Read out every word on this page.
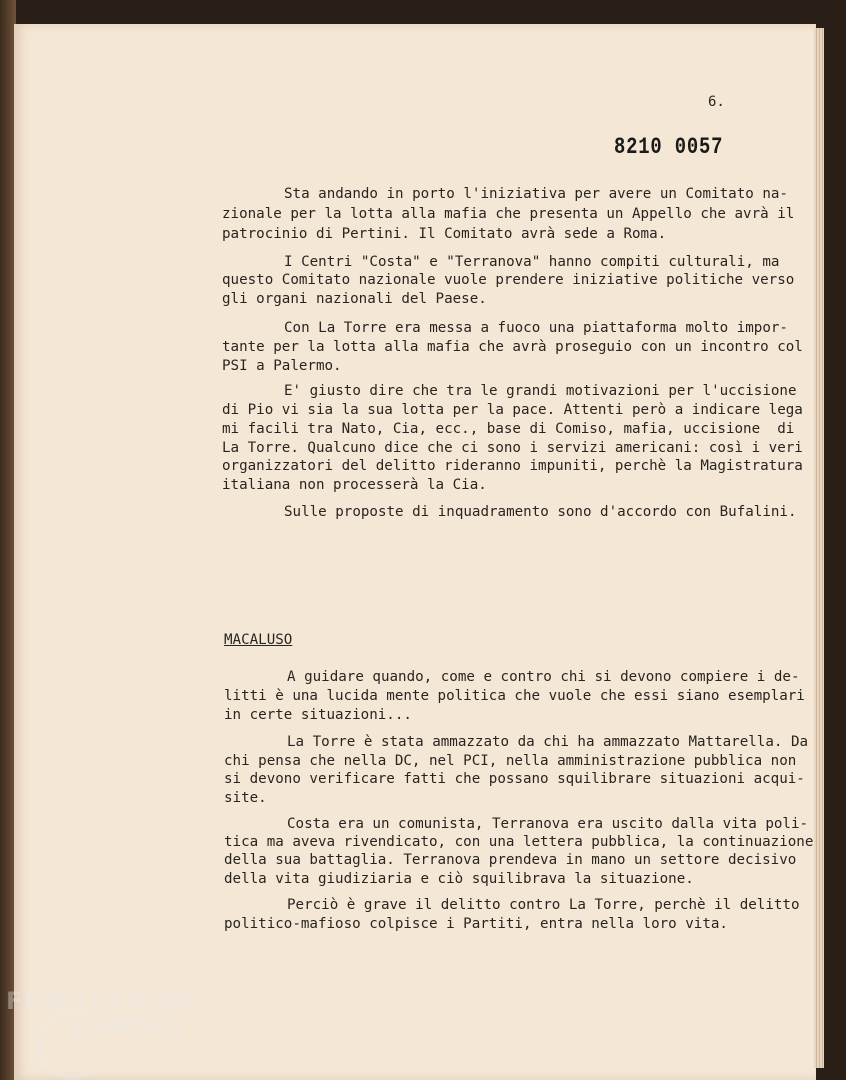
6.
8210 0057
Sta andando in porto l'iniziativa per avere un Comitato na-
zionale per la lotta alla mafia che presenta un Appello che avrà il
patrocinio di Pertini. Il Comitato avrà sede a Roma.
I Centri "Costa" e "Terranova" hanno compiti culturali, ma
questo Comitato nazionale vuole prendere iniziative politiche verso
gli organi nazionali del Paese.
Con La Torre era messa a fuoco una piattaforma molto impor-
tante per la lotta alla mafia che avrà proseguio con un incontro col
PSI a Palermo.
E' giusto dire che tra le grandi motivazioni per l'uccisione
di Pio vi sia la sua lotta per la pace. Attenti però a indicare lega
mi facili tra Nato, Cia, ecc., base di Comiso, mafia, uccisione  di
La Torre. Qualcuno dice che ci sono i servizi americani: così i veri
organizzatori del delitto rideranno impuniti, perchè la Magistratura
italiana non processerà la Cia.
Sulle proposte di inquadramento sono d'accordo con Bufalini.
MACALUSO
A guidare quando, come e contro chi si devono compiere i de-
litti è una lucida mente politica che vuole che essi siano esemplari
in certe situazioni...
La Torre è stata ammazzato da chi ha ammazzato Mattarella. Da
chi pensa che nella DC, nel PCI, nella amministrazione pubblica non
si devono verificare fatti che possano squilibrare situazioni acqui-
site.
Costa era un comunista, Terranova era uscito dalla vita poli-
tica ma aveva rivendicato, con una lettera pubblica, la continuazione
della sua battaglia. Terranova prendeva in mano un settore decisivo
della vita giudiziaria e ciò squilibrava la situazione.
Perciò è grave il delitto contro La Torre, perchè il delitto
politico-mafioso colpisce i Partiti, entra nella loro vita.
FONDAZIONE
RAMSCI
